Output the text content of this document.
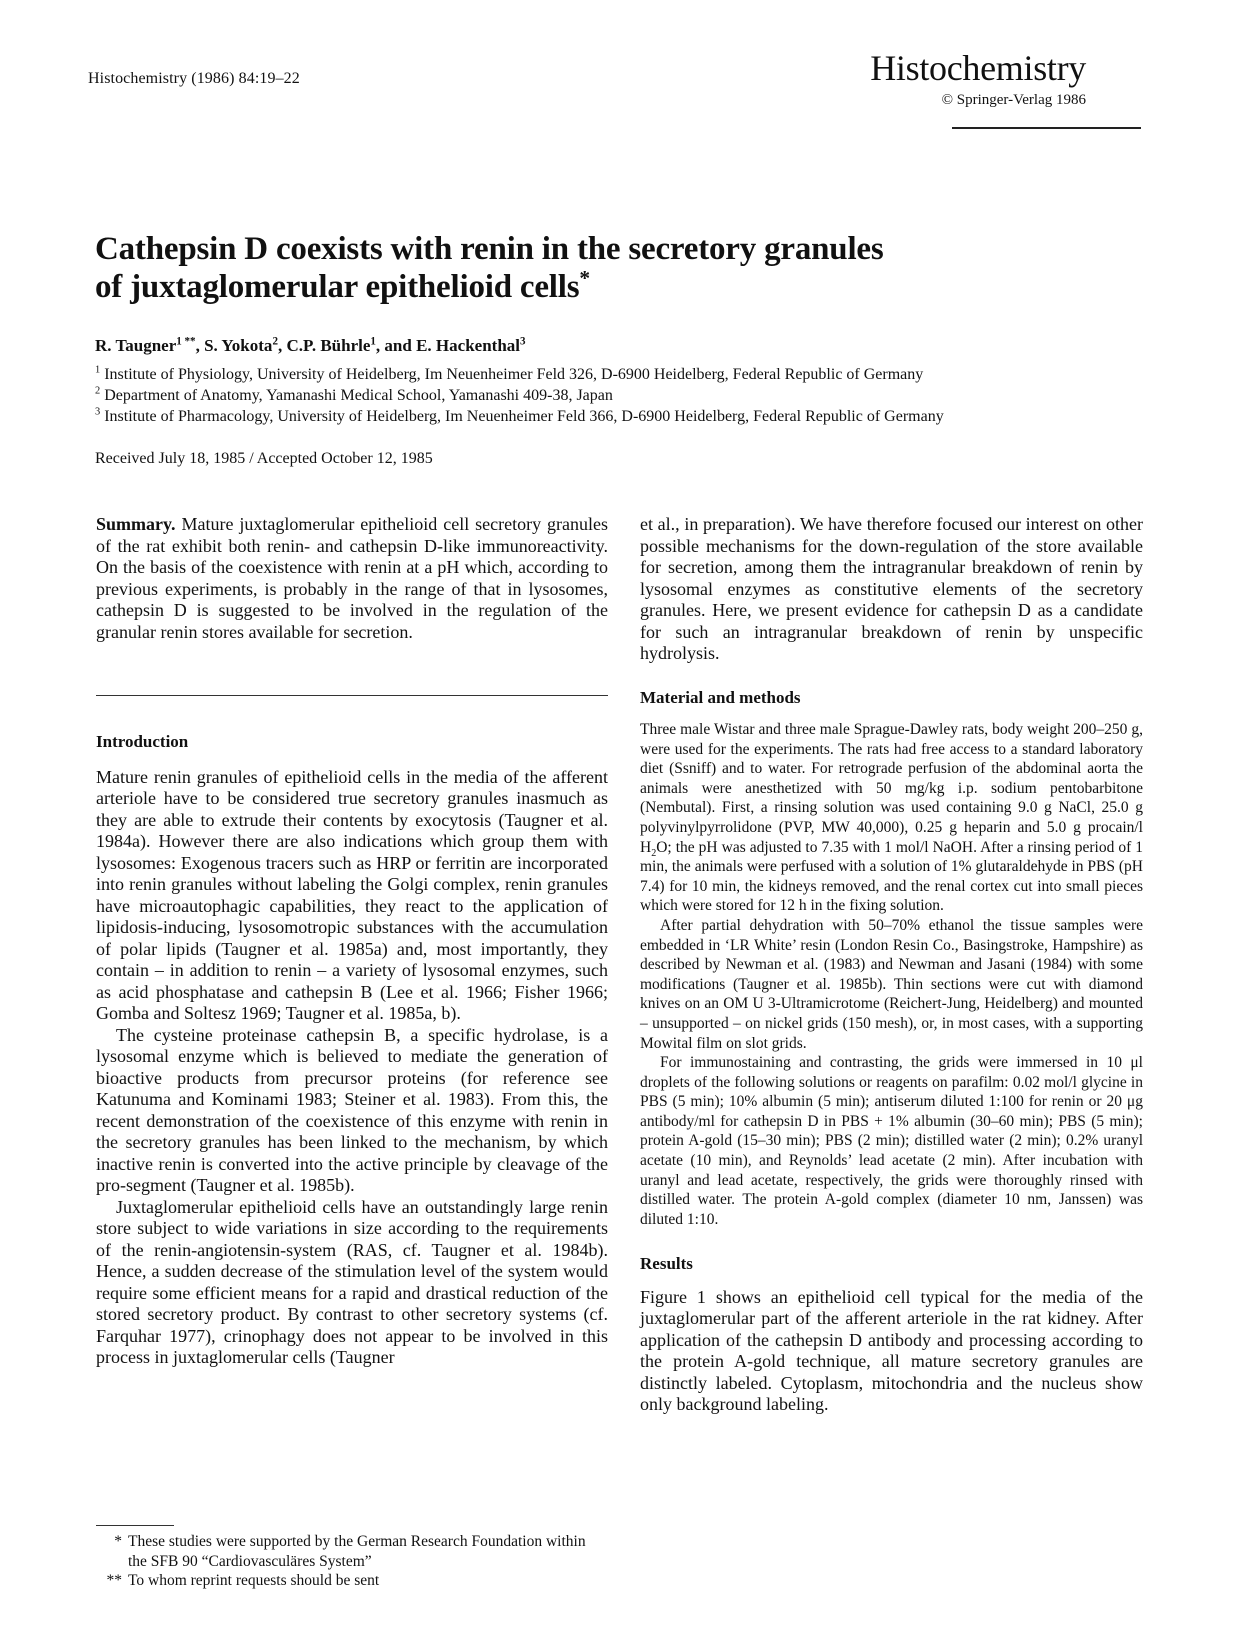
Histochemistry (1986) 84:19–22	Histochemistry
© Springer-Verlag 1986
Cathepsin D coexists with renin in the secretory granules
of juxtaglomerular epithelioid cells*
R. Taugner$^{1 **}$, S. Yokota$^2$, C.P. Bührle$^1$, and E. Hackenthal$^3$
$^1$ Institute of Physiology, University of Heidelberg, Im Neuenheimer Feld 326, D-6900 Heidelberg, Federal Republic of Germany
$^2$ Department of Anatomy, Yamanashi Medical School, Yamanashi 409-38, Japan
$^3$ Institute of Pharmacology, University of Heidelberg, Im Neuenheimer Feld 366, D-6900 Heidelberg, Federal Republic of Germany
Received July 18, 1985 / Accepted October 12, 1985

Summary. Mature juxtaglomerular epithelioid cell secretory granules of the rat exhibit both renin- and cathepsin D-like immunoreactivity. On the basis of the coexistence with renin at a pH which, according to previous experiments, is probably in the range of that in lysosomes, cathepsin D is suggested to be involved in the regulation of the granular renin stores available for secretion.

Introduction

Mature renin granules of epithelioid cells in the media of the afferent arteriole have to be considered true secretory granules inasmuch as they are able to extrude their contents by exocytosis (Taugner et al. 1984a). However there are also indications which group them with lysosomes: Exogenous tracers such as HRP or ferritin are incorporated into renin granules without labeling the Golgi complex, renin granules have microautophagic capabilities, they react to the application of lipidosis-inducing, lysosomotropic substances with the accumulation of polar lipids (Taugner et al. 1985a) and, most importantly, they contain – in addition to renin – a variety of lysosomal enzymes, such as acid phosphatase and cathepsin B (Lee et al. 1966; Fisher 1966; Gomba and Soltesz 1969; Taugner et al. 1985a, b).

The cysteine proteinase cathepsin B, a specific hydrolase, is a lysosomal enzyme which is believed to mediate the generation of bioactive products from precursor proteins (for reference see Katunuma and Kominami 1983; Steiner et al. 1983). From this, the recent demonstration of the coexistence of this enzyme with renin in the secretory granules has been linked to the mechanism, by which inactive renin is converted into the active principle by cleavage of the pro-segment (Taugner et al. 1985b).

Juxtaglomerular epithelioid cells have an outstandingly large renin store subject to wide variations in size according to the requirements of the renin-angiotensin-system (RAS, cf. Taugner et al. 1984b). Hence, a sudden decrease of the stimulation level of the system would require some efficient means for a rapid and drastical reduction of the stored secretory product. By contrast to other secretory systems (cf. Farquhar 1977), crinophagy does not appear to be involved in this process in juxtaglomerular cells (Taugner

* These studies were supported by the German Research Foundation within the SFB 90 “Cardiovasculäres System”
** To whom reprint requests should be sent

et al., in preparation). We have therefore focused our interest on other possible mechanisms for the down-regulation of the store available for secretion, among them the intragranular breakdown of renin by lysosomal enzymes as constitutive elements of the secretory granules. Here, we present evidence for cathepsin D as a candidate for such an intragranular breakdown of renin by unspecific hydrolysis.

Material and methods

Three male Wistar and three male Sprague-Dawley rats, body weight 200–250 g, were used for the experiments. The rats had free access to a standard laboratory diet (Ssniff) and to water. For retrograde perfusion of the abdominal aorta the animals were anesthetized with 50 mg/kg i.p. sodium pentobarbitone (Nembutal). First, a rinsing solution was used containing 9.0 g NaCl, 25.0 g polyvinylpyrrolidone (PVP, MW 40,000), 0.25 g heparin and 5.0 g procain/l $H_2O$; the pH was adjusted to 7.35 with 1 mol/l NaOH. After a rinsing period of 1 min, the animals were perfused with a solution of 1% glutaraldehyde in PBS (pH 7.4) for 10 min, the kidneys removed, and the renal cortex cut into small pieces which were stored for 12 h in the fixing solution.

After partial dehydration with 50–70% ethanol the tissue samples were embedded in ‘LR White’ resin (London Resin Co., Basingstroke, Hampshire) as described by Newman et al. (1983) and Newman and Jasani (1984) with some modifications (Taugner et al. 1985b). Thin sections were cut with diamond knives on an OM U 3-Ultramicrotome (Reichert-Jung, Heidelberg) and mounted – unsupported – on nickel grids (150 mesh), or, in most cases, with a supporting Mowital film on slot grids.

For immunostaining and contrasting, the grids were immersed in 10 μl droplets of the following solutions or reagents on parafilm: 0.02 mol/l glycine in PBS (5 min); 10% albumin (5 min); antiserum diluted 1:100 for renin or 20 μg antibody/ml for cathepsin D in PBS + 1% albumin (30–60 min); PBS (5 min); protein A-gold (15–30 min); PBS (2 min); distilled water (2 min); 0.2% uranyl acetate (10 min), and Reynolds’ lead acetate (2 min). After incubation with uranyl and lead acetate, respectively, the grids were thoroughly rinsed with distilled water. The protein A-gold complex (diameter 10 nm, Janssen) was diluted 1:10.

Results

Figure 1 shows an epithelioid cell typical for the media of the juxtaglomerular part of the afferent arteriole in the rat kidney. After application of the cathepsin D antibody and processing according to the protein A-gold technique, all mature secretory granules are distinctly labeled. Cytoplasm, mitochondria and the nucleus show only background labeling.
